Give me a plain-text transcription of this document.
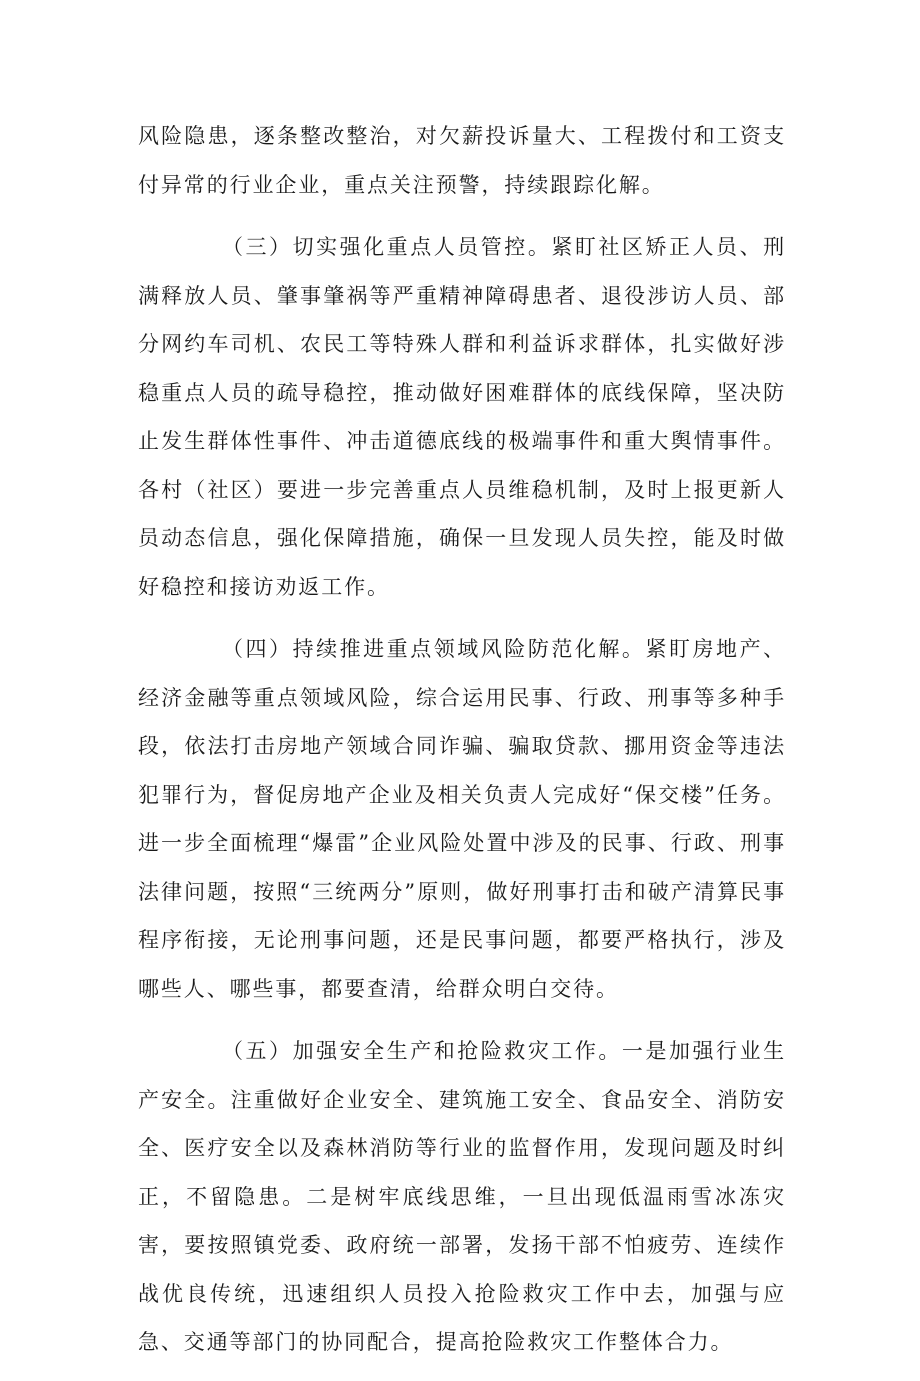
风险隐患，逐条整改整治，对欠薪投诉量大、工程拨付和工资支付异常的行业企业，重点关注预警，持续跟踪化解。

（三）切实强化重点人员管控。紧盯社区矫正人员、刑满释放人员、肇事肇祸等严重精神障碍患者、退役涉访人员、部分网约车司机、农民工等特殊人群和利益诉求群体，扎实做好涉稳重点人员的疏导稳控，推动做好困难群体的底线保障，坚决防止发生群体性事件、冲击道德底线的极端事件和重大舆情事件。各村（社区）要进一步完善重点人员维稳机制，及时上报更新人员动态信息，强化保障措施，确保一旦发现人员失控，能及时做好稳控和接访劝返工作。

（四）持续推进重点领域风险防范化解。紧盯房地产、经济金融等重点领域风险，综合运用民事、行政、刑事等多种手段，依法打击房地产领域合同诈骗、骗取贷款、挪用资金等违法犯罪行为，督促房地产企业及相关负责人完成好“保交楼”任务。进一步全面梳理“爆雷”企业风险处置中涉及的民事、行政、刑事法律问题，按照“三统两分”原则，做好刑事打击和破产清算民事程序衔接，无论刑事问题，还是民事问题，都要严格执行，涉及哪些人、哪些事，都要查清，给群众明白交待。

（五）加强安全生产和抢险救灾工作。一是加强行业生产安全。注重做好企业安全、建筑施工安全、食品安全、消防安全、医疗安全以及森林消防等行业的监督作用，发现问题及时纠正，不留隐患。二是树牢底线思维，一旦出现低温雨雪冰冻灾害，要按照镇党委、政府统一部署，发扬干部不怕疲劳、连续作战优良传统，迅速组织人员投入抢险救灾工作中去，加强与应急、交通等部门的协同配合，提高抢险救灾工作整体合力。
